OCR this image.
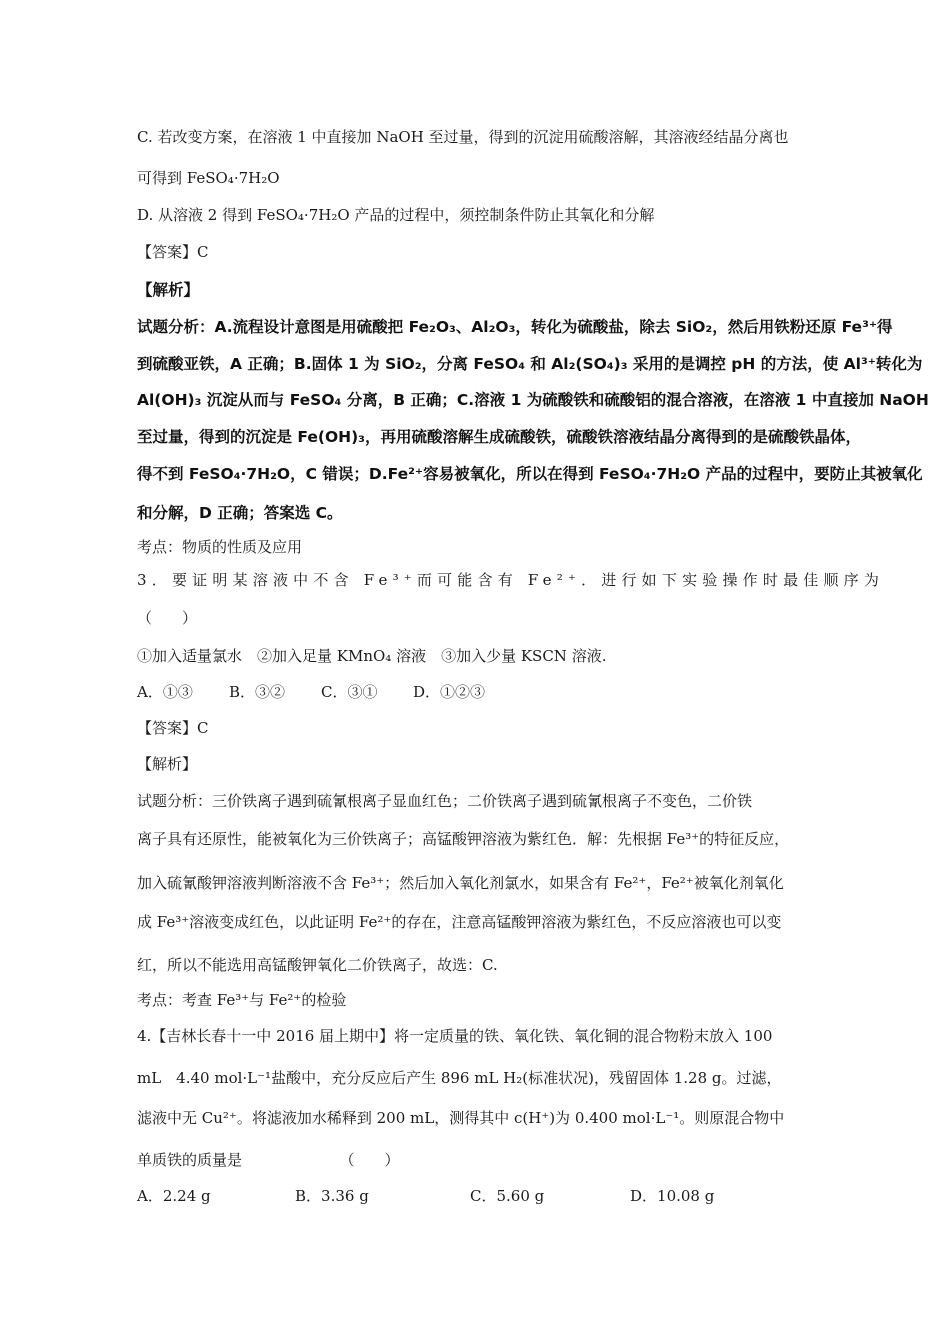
C. 若改变方案，在溶液 1 中直接加 NaOH 至过量，得到的沉淀用硫酸溶解，其溶液经结晶分离也
可得到 FeSO₄·7H₂O
D. 从溶液 2 得到 FeSO₄·7H₂O 产品的过程中，须控制条件防止其氧化和分解
【答案】C
【解析】
试题分析：A.流程设计意图是用硫酸把 Fe₂O₃、Al₂O₃，转化为硫酸盐，除去 SiO₂，然后用铁粉还原 Fe³⁺得
到硫酸亚铁，A 正确；B.固体 1 为 SiO₂，分离 FeSO₄ 和 Al₂(SO₄)₃ 采用的是调控 pH 的方法，使 Al³⁺转化为
Al(OH)₃ 沉淀从而与 FeSO₄ 分离，B 正确；C.溶液 1 为硫酸铁和硫酸铝的混合溶液，在溶液 1 中直接加 NaOH
至过量，得到的沉淀是 Fe(OH)₃，再用硫酸溶解生成硫酸铁，硫酸铁溶液结晶分离得到的是硫酸铁晶体，
得不到 FeSO₄·7H₂O，C 错误；D.Fe²⁺容易被氧化，所以在得到 FeSO₄·7H₂O 产品的过程中，要防止其被氧化
和分解，D 正确；答案选 C。
考点：物质的性质及应用
3．要证明某溶液中不含 Fe³⁺而可能含有 Fe²⁺．进行如下实验操作时最佳顺序为
（　　）
①加入适量氯水　②加入足量 KMnO₄ 溶液　③加入少量 KSCN 溶液.
A．①③ B．③② C．③① D．①②③
【答案】C
【解析】
试题分析：三价铁离子遇到硫氰根离子显血红色；二价铁离子遇到硫氰根离子不变色，二价铁
离子具有还原性，能被氧化为三价铁离子；高锰酸钾溶液为紫红色．解：先根据 Fe³⁺的特征反应，
加入硫氰酸钾溶液判断溶液不含 Fe³⁺；然后加入氧化剂氯水，如果含有 Fe²⁺，Fe²⁺被氧化剂氧化
成 Fe³⁺溶液变成红色，以此证明 Fe²⁺的存在，注意高锰酸钾溶液为紫红色，不反应溶液也可以变
红，所以不能选用高锰酸钾氧化二价铁离子，故选：C.
考点：考查 Fe³⁺与 Fe²⁺的检验
4.【吉林长春十一中 2016 届上期中】将一定质量的铁、氧化铁、氧化铜的混合物粉末放入 100
mL　4.40 mol·L⁻¹盐酸中，充分反应后产生 896 mL H₂(标准状况)，残留固体 1.28 g。过滤，
滤液中无 Cu²⁺。将滤液加水稀释到 200 mL，测得其中 c(H⁺)为 0.400 mol·L⁻¹。则原混合物中
单质铁的质量是　　　　　　　（　　）
A．2.24 g	B．3.36 g	C．5.60 g	D．10.08 g
